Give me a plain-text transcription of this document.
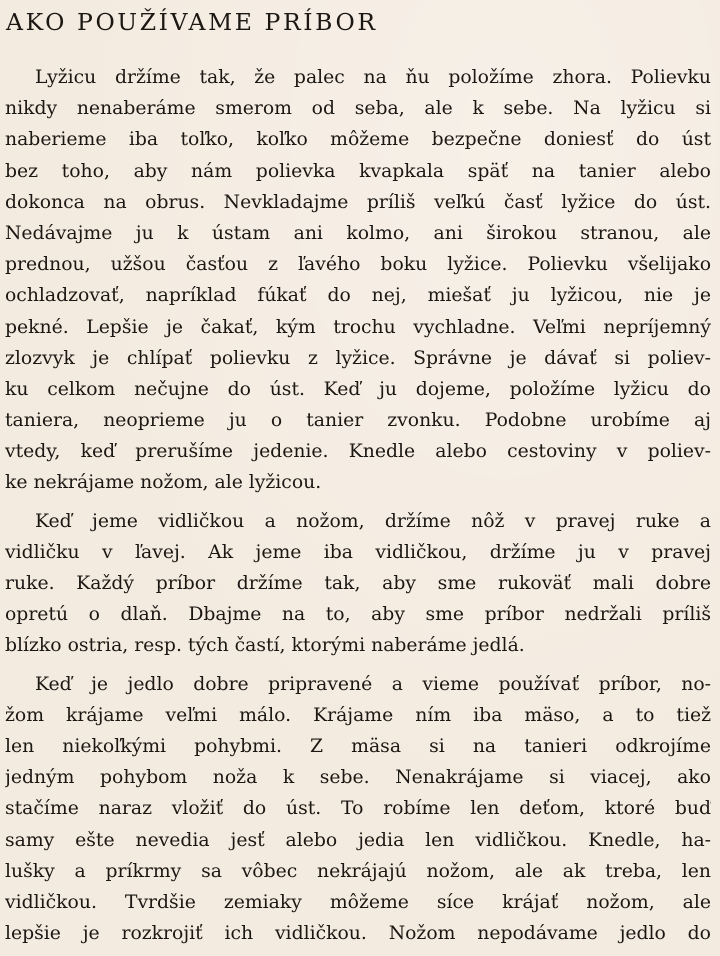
AKO POUŽÍVAME PRÍBOR
Lyžicu držíme tak, že palec na ňu položíme zhora. Polievku
nikdy nenaberáme smerom od seba, ale k sebe. Na lyžicu si
naberieme iba toľko, koľko môžeme bezpečne doniesť do úst
bez toho, aby nám polievka kvapkala späť na tanier alebo
dokonca na obrus. Nevkladajme príliš veľkú časť lyžice do úst.
Nedávajme ju k ústam ani kolmo, ani širokou stranou, ale
prednou, užšou časťou z ľavého boku lyžice. Polievku všelijako
ochladzovať, napríklad fúkať do nej, miešať ju lyžicou, nie je
pekné. Lepšie je čakať, kým trochu vychladne. Veľmi nepríjemný
zlozvyk je chlípať polievku z lyžice. Správne je dávať si poliev-
ku celkom nečujne do úst. Keď ju dojeme, položíme lyžicu do
taniera, neoprieme ju o tanier zvonku. Podobne urobíme aj
vtedy, keď prerušíme jedenie. Knedle alebo cestoviny v poliev-
ke nekrájame nožom, ale lyžicou.
Keď jeme vidličkou a nožom, držíme nôž v pravej ruke a
vidličku v ľavej. Ak jeme iba vidličkou, držíme ju v pravej
ruke. Každý príbor držíme tak, aby sme rukoväť mali dobre
opretú o dlaň. Dbajme na to, aby sme príbor nedržali príliš
blízko ostria, resp. tých častí, ktorými naberáme jedlá.
Keď je jedlo dobre pripravené a vieme používať príbor, no-
žom krájame veľmi málo. Krájame ním iba mäso, a to tiež
len niekoľkými pohybmi. Z mäsa si na tanieri odkrojíme
jedným pohybom noža k sebe. Nenakrájame si viacej, ako
stačíme naraz vložiť do úst. To robíme len deťom, ktoré buď
samy ešte nevedia jesť alebo jedia len vidličkou. Knedle, ha-
lušky a príkrmy sa vôbec nekrájajú nožom, ale ak treba, len
vidličkou. Tvrdšie zemiaky môžeme síce krájať nožom, ale
lepšie je rozkrojiť ich vidličkou. Nožom nepodávame jedlo do
